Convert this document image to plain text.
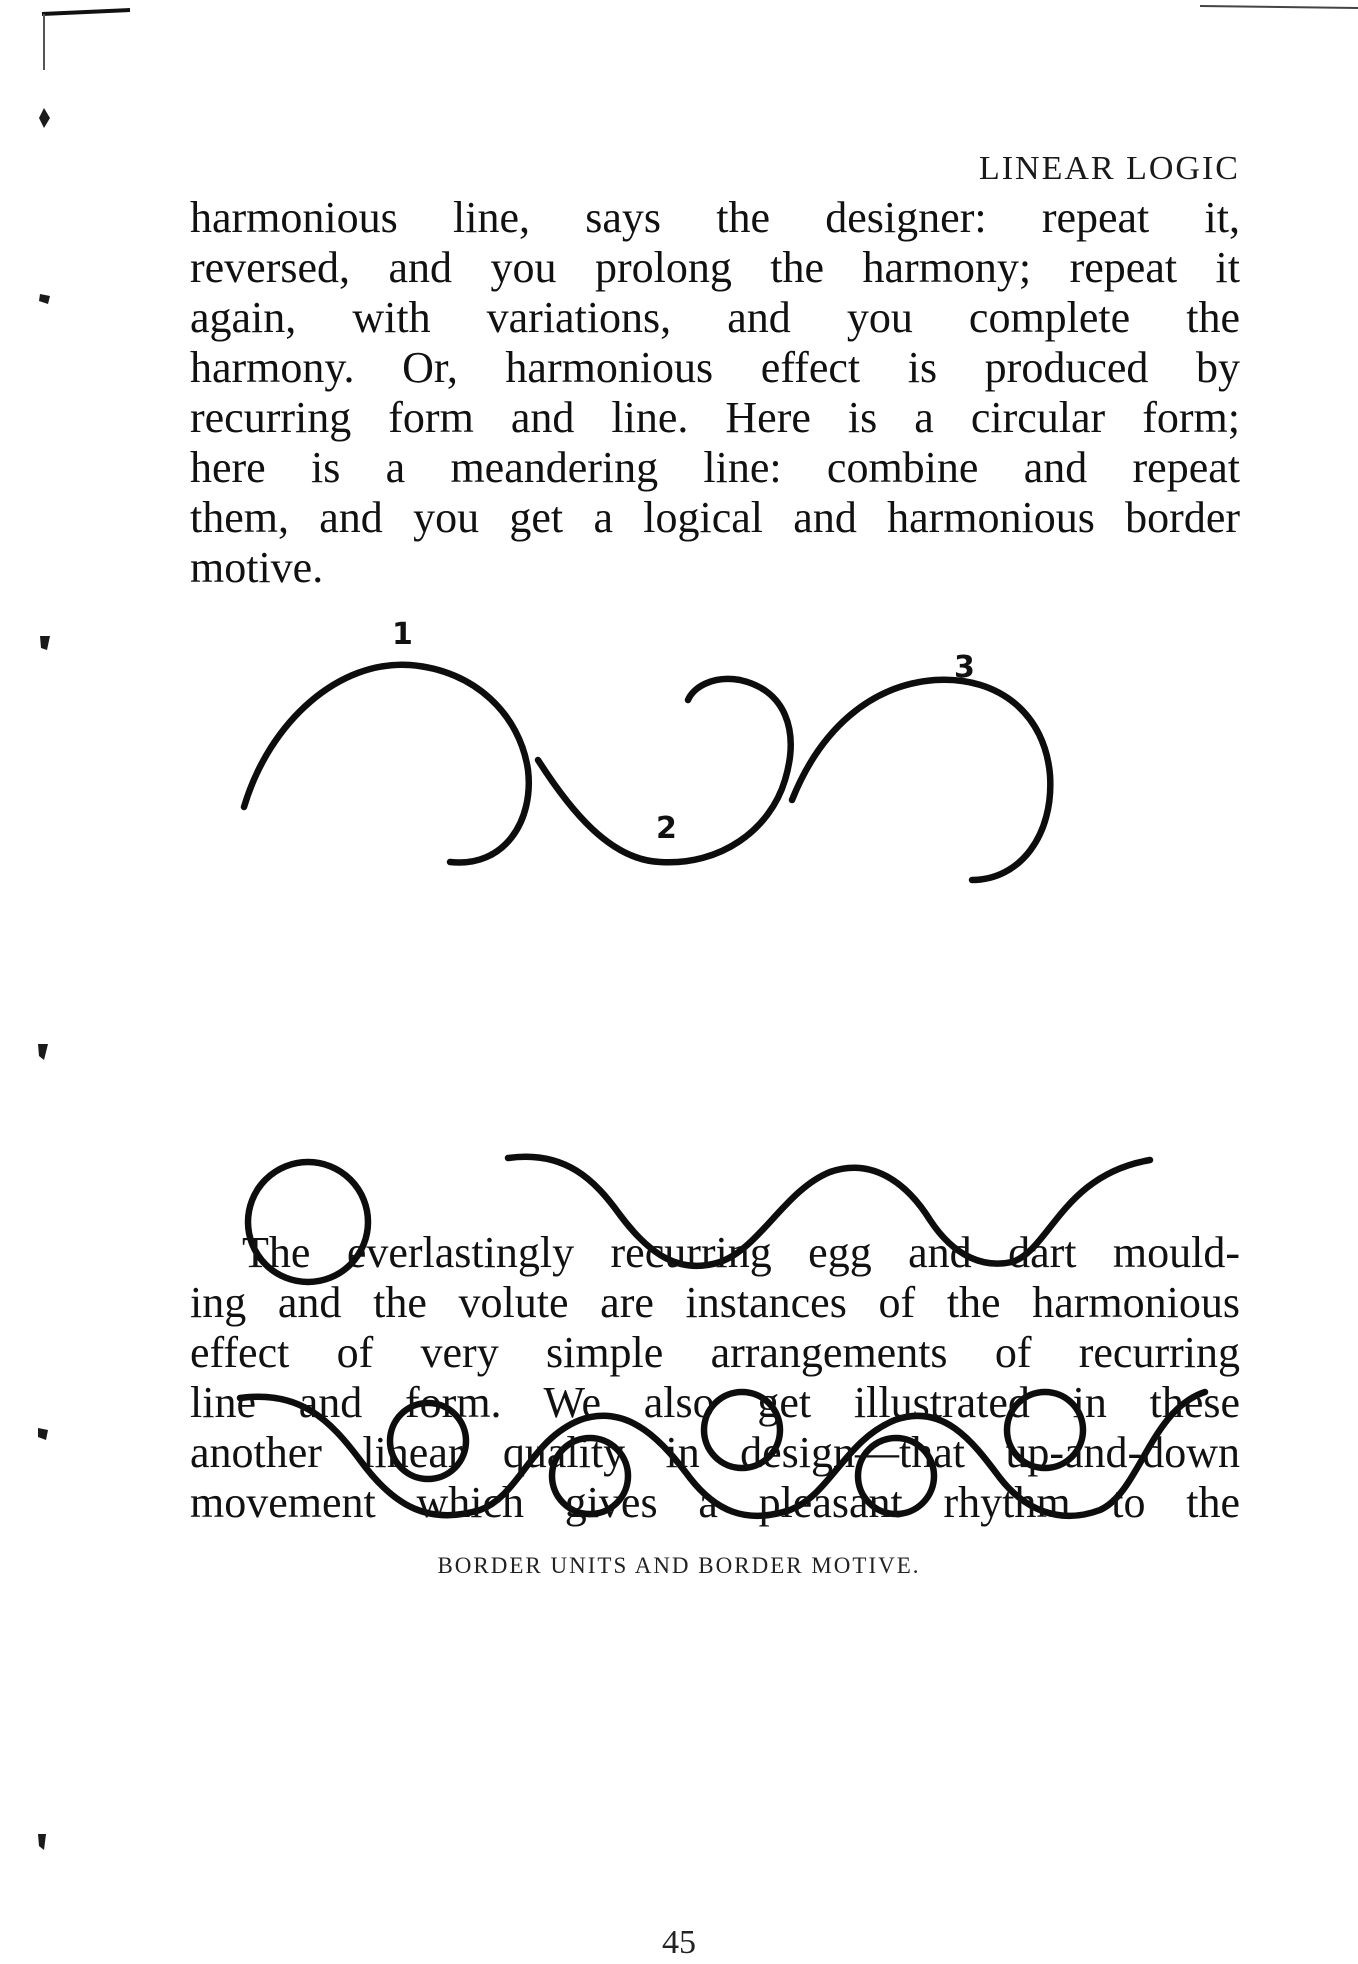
1
2
3
LINEAR LOGIC

harmonious line, says the designer: repeat it,
reversed, and you prolong the harmony; repeat it
again, with variations, and you complete the
harmony. Or, harmonious effect is produced by
recurring form and line. Here is a circular form;
here is a meandering line: combine and repeat
them, and you get a logical and harmonious border
motive.

BORDER UNITS AND BORDER MOTIVE.

The everlastingly recurring egg and dart mould-
ing and the volute are instances of the harmonious
effect of very simple arrangements of recurring
line and form. We also get illustrated in these
another linear quality in design—that up-and-down
movement which gives a pleasant rhythm to the

45
